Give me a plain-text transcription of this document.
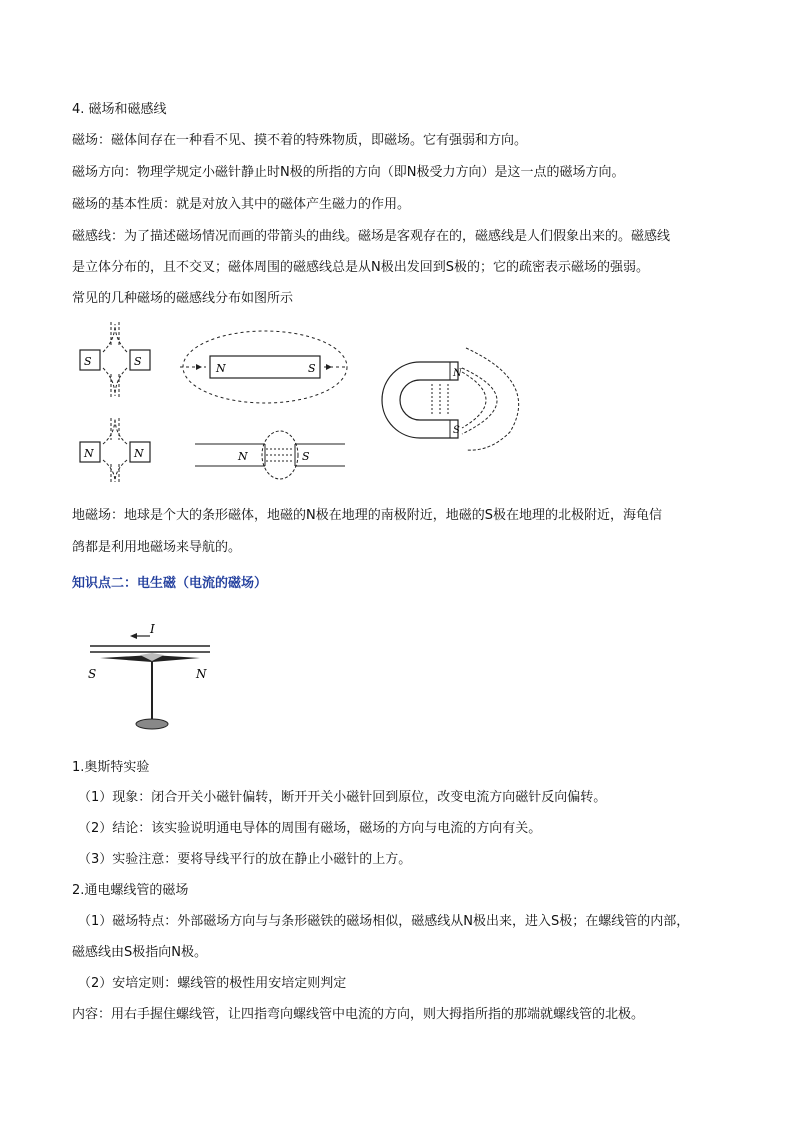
4. 磁场和磁感线
磁场：磁体间存在一种看不见、摸不着的特殊物质，即磁场。它有强弱和方向。
磁场方向：物理学规定小磁针静止时N极的所指的方向（即N极受力方向）是这一点的磁场方向。
磁场的基本性质：就是对放入其中的磁体产生磁力的作用。
磁感线：为了描述磁场情况而画的带箭头的曲线。磁场是客观存在的，磁感线是人们假象出来的。磁感线
是立体分布的，且不交叉；磁体周围的磁感线总是从N极出发回到S极的；它的疏密表示磁场的强弱。
常见的几种磁场的磁感线分布如图所示
S	S
N	N
N	S
N	S
N
S
地磁场：地球是个大的条形磁体，地磁的N极在地理的南极附近，地磁的S极在地理的北极附近，海龟信
鸽都是利用地磁场来导航的。
知识点二：电生磁（电流的磁场）
I
S	N
1.奥斯特实验
（1）现象：闭合开关小磁针偏转，断开开关小磁针回到原位，改变电流方向磁针反向偏转。
（2）结论：该实验说明通电导体的周围有磁场，磁场的方向与电流的方向有关。
（3）实验注意：要将导线平行的放在静止小磁针的上方。
2.通电螺线管的磁场
（1）磁场特点：外部磁场方向与与条形磁铁的磁场相似，磁感线从N极出来，进入S极；在螺线管的内部，
磁感线由S极指向N极。
（2）安培定则：螺线管的极性用安培定则判定
内容：用右手握住螺线管，让四指弯向螺线管中电流的方向，则大拇指所指的那端就螺线管的北极。
